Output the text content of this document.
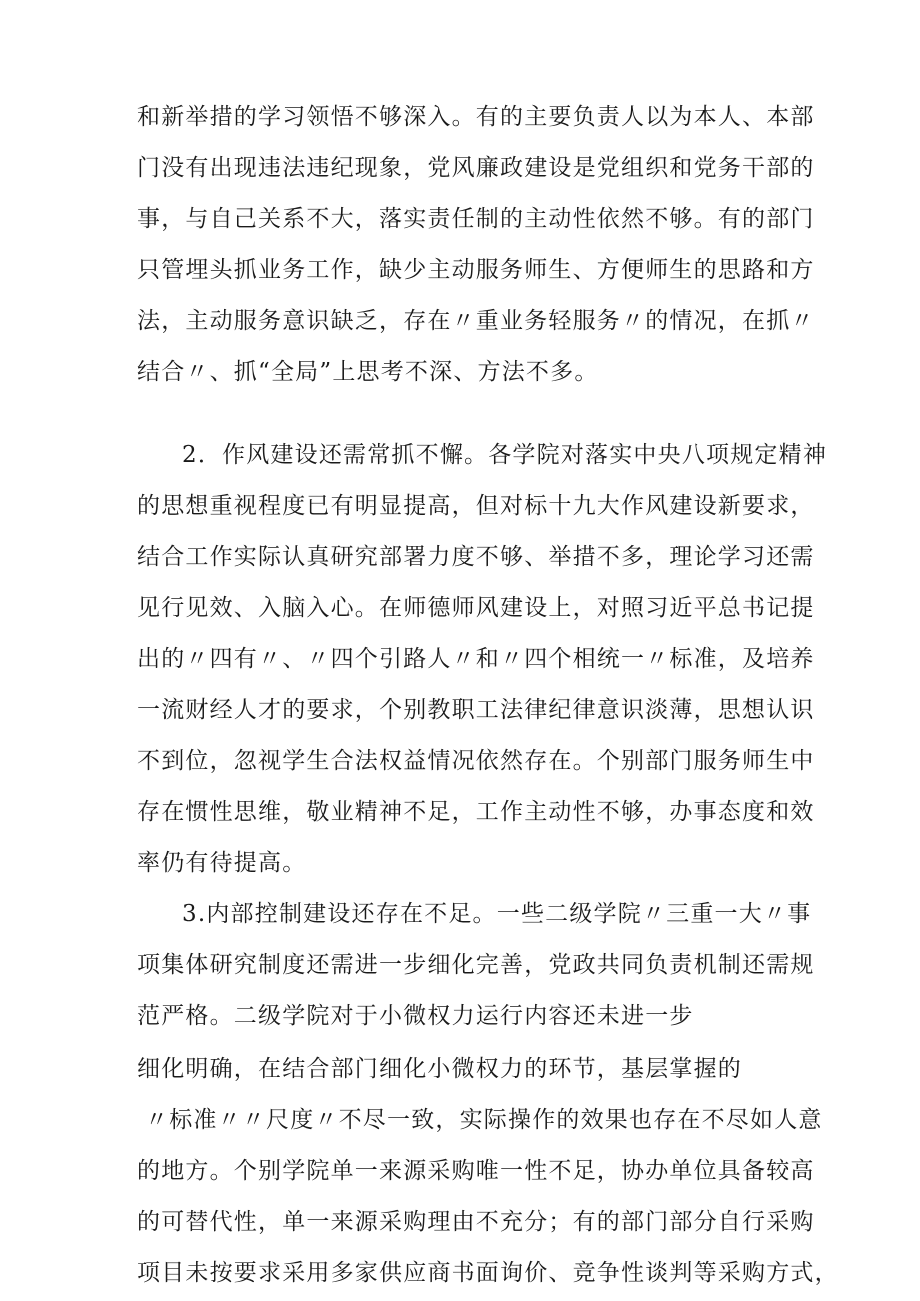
和新举措的学习领悟不够深入。有的主要负责人以为本人、本部
门没有出现违法违纪现象，党风廉政建设是党组织和党务干部的
事，与自己关系不大，落实责任制的主动性依然不够。有的部门
只管埋头抓业务工作，缺少主动服务师生、方便师生的思路和方
法，主动服务意识缺乏，存在〃重业务轻服务〃的情况，在抓〃
结合〃、抓“全局”上思考不深、方法不多。
2．作风建设还需常抓不懈。各学院对落实中央八项规定精神
的思想重视程度已有明显提高，但对标十九大作风建设新要求，
结合工作实际认真研究部署力度不够、举措不多，理论学习还需
见行见效、入脑入心。在师德师风建设上，对照习近平总书记提
出的〃四有〃、〃四个引路人〃和〃四个相统一〃标准，及培养
一流财经人才的要求，个别教职工法律纪律意识淡薄，思想认识
不到位，忽视学生合法权益情况依然存在。个别部门服务师生中
存在惯性思维，敬业精神不足，工作主动性不够，办事态度和效
率仍有待提高。
3.内部控制建设还存在不足。一些二级学院〃三重一大〃事
项集体研究制度还需进一步细化完善，党政共同负责机制还需规
范严格。二级学院对于小微权力运行内容还未进一步
细化明确，在结合部门细化小微权力的环节，基层掌握的
〃标准〃〃尺度〃不尽一致，实际操作的效果也存在不尽如人意
的地方。个别学院单一来源采购唯一性不足，协办单位具备较高
的可替代性，单一来源采购理由不充分；有的部门部分自行采购
项目未按要求采用多家供应商书面询价、竞争性谈判等采购方式，
